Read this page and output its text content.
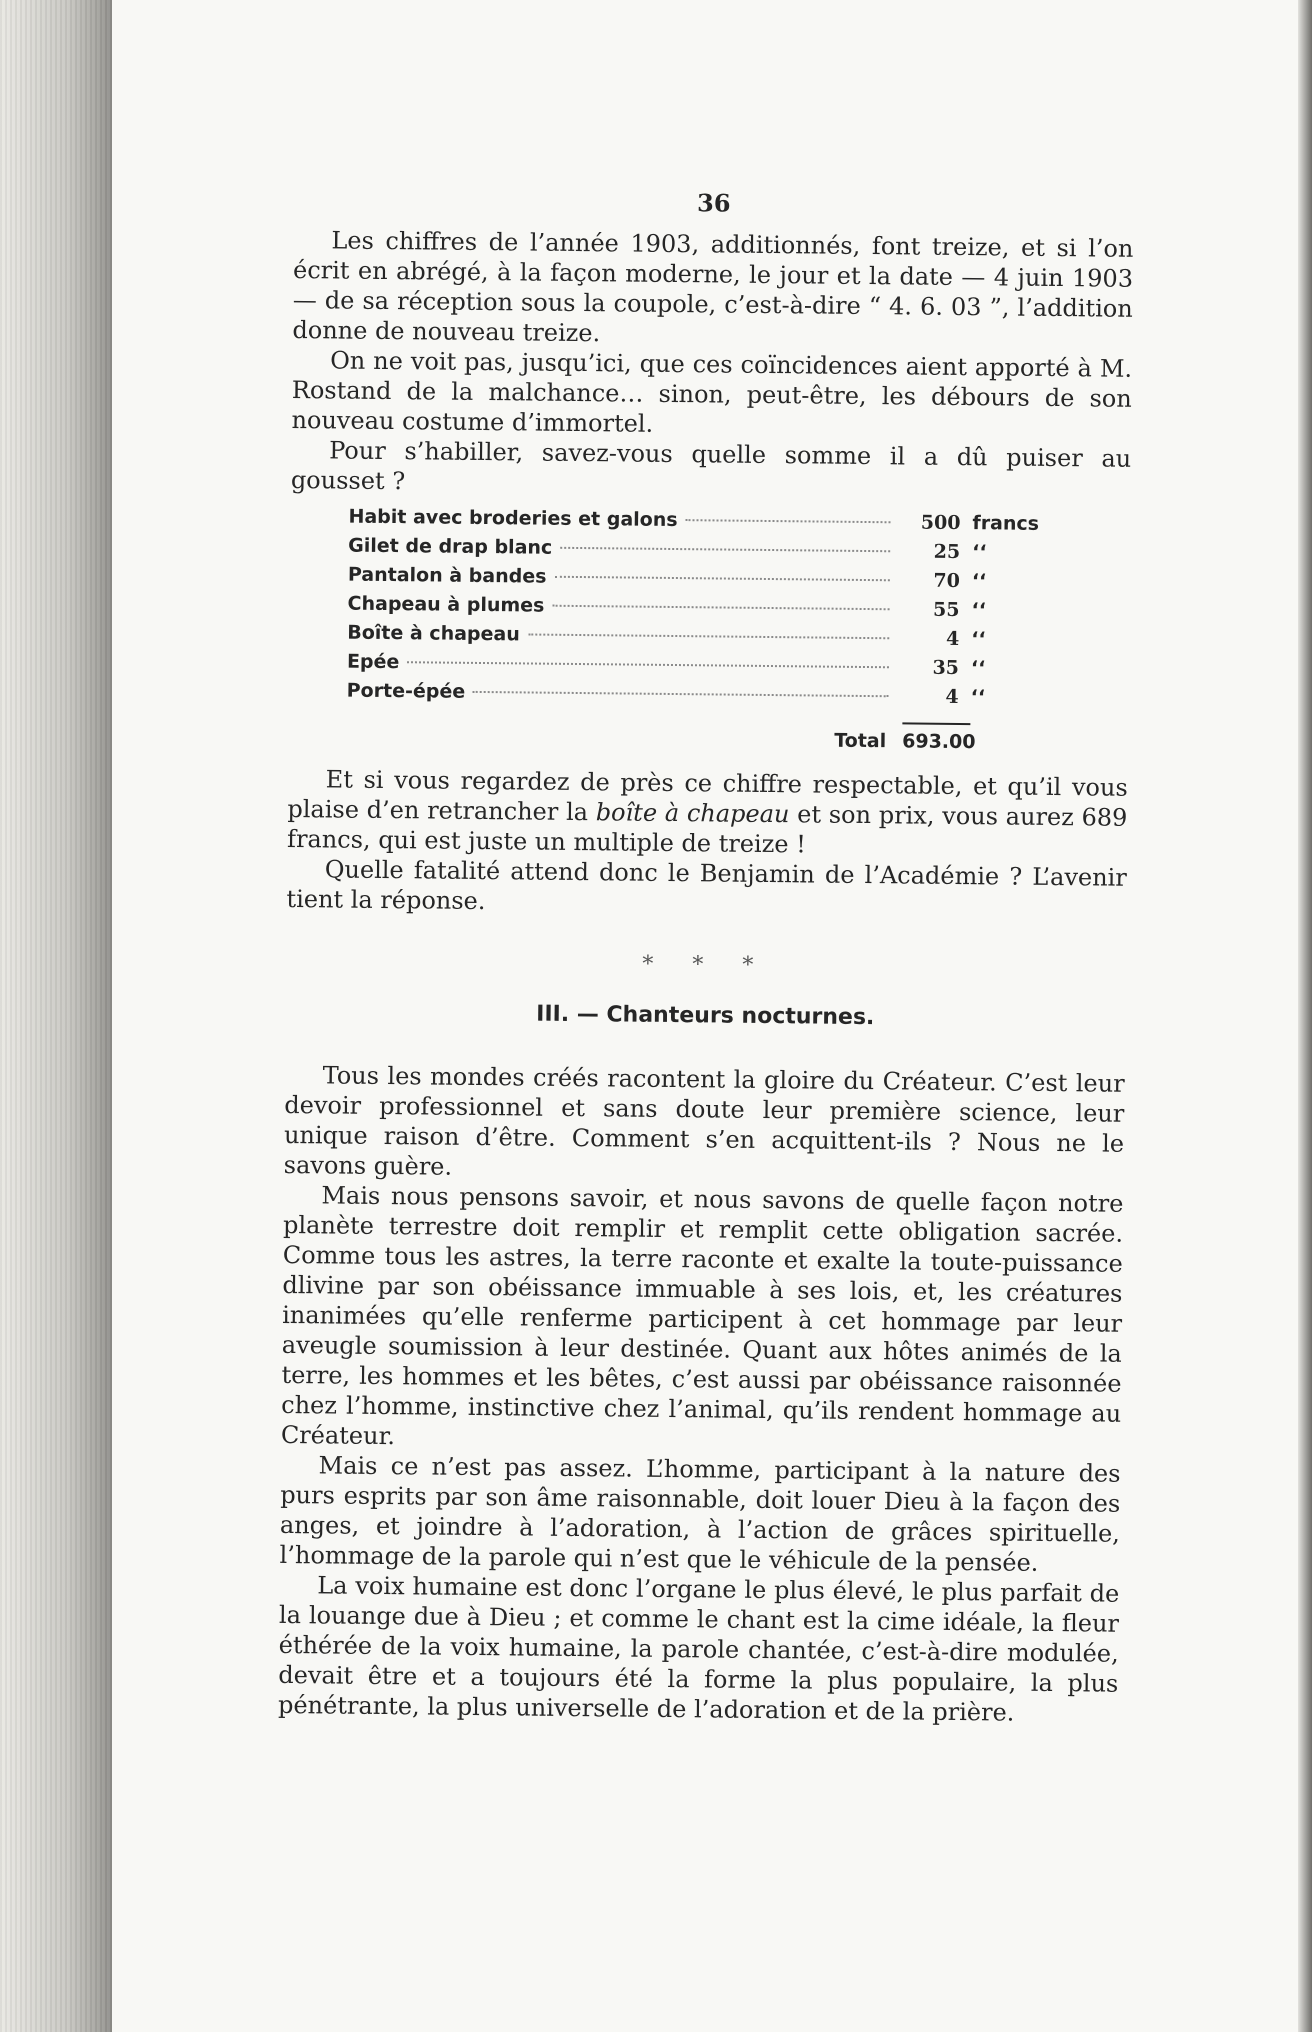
36

Les chiffres de l’année 1903, additionnés, font treize, et si l’on écrit en abrégé, à la façon moderne, le jour et la date — 4 juin 1903 — de sa réception sous la coupole, c’est-à-dire “ 4. 6. 03 ”, l’addition donne de nouveau treize.

On ne voit pas, jusqu’ici, que ces coïncidences aient apporté à M. Rostand de la malchance… sinon, peut-être, les débours de son nouveau costume d’immortel.

Pour s’habiller, savez-vous quelle somme il a dû puiser au gousset ?

Habit avec broderies et galons	500 francs
Gilet de drap blanc	25 ‘‘
Pantalon à bandes	70 ‘‘
Chapeau à plumes	55 ‘‘
Boîte à chapeau	4 ‘‘
Epée	35 ‘‘
Porte-épée	4 ‘‘
Total 693.00

Et si vous regardez de près ce chiffre respectable, et qu’il vous plaise d’en retrancher la boîte à chapeau et son prix, vous aurez 689 francs, qui est juste un multiple de treize !

Quelle fatalité attend donc le Benjamin de l’Académie ? L’avenir tient la réponse.

* * *
III. — Chanteurs nocturnes.

Tous les mondes créés racontent la gloire du Créateur. C’est leur devoir professionnel et sans doute leur première science, leur unique raison d’être. Comment s’en acquittent-ils ? Nous ne le savons guère.

Mais nous pensons savoir, et nous savons de quelle façon notre planète terrestre doit remplir et remplit cette obligation sacrée. Comme tous les astres, la terre raconte et exalte la toute-puissance dlivine par son obéissance immuable à ses lois, et, les créatures inanimées qu’elle renferme participent à cet hommage par leur aveugle soumission à leur destinée. Quant aux hôtes animés de la terre, les hommes et les bêtes, c’est aussi par obéissance raisonnée chez l’homme, instinctive chez l’animal, qu’ils rendent hommage au Créateur.

Mais ce n’est pas assez. L’homme, participant à la nature des purs esprits par son âme raisonnable, doit louer Dieu à la façon des anges, et joindre à l’adoration, à l’action de grâces spirituelle, l’hommage de la parole qui n’est que le véhicule de la pensée.

La voix humaine est donc l’organe le plus élevé, le plus parfait de la louange due à Dieu ; et comme le chant est la cime idéale, la fleur éthérée de la voix humaine, la parole chantée, c’est-à-dire modulée, devait être et a toujours été la forme la plus populaire, la plus pénétrante, la plus universelle de l’adoration et de la prière.
